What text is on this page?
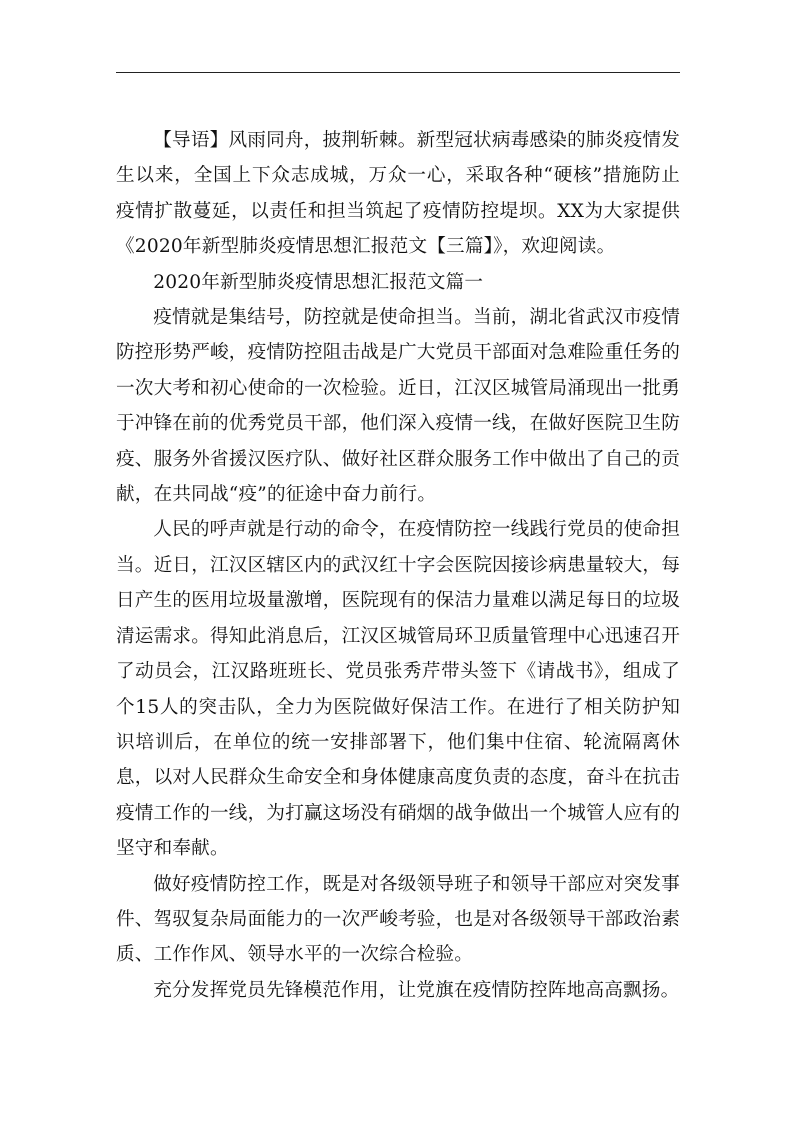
【导语】风雨同舟，披荆斩棘。新型冠状病毒感染的肺炎疫情发生以来，全国上下众志成城，万众一心，采取各种“硬核”措施防止疫情扩散蔓延，以责任和担当筑起了疫情防控堤坝。XX为大家提供《2020年新型肺炎疫情思想汇报范文【三篇】》，欢迎阅读。

2020年新型肺炎疫情思想汇报范文篇一

疫情就是集结号，防控就是使命担当。当前，湖北省武汉市疫情防控形势严峻，疫情防控阻击战是广大党员干部面对急难险重任务的一次大考和初心使命的一次检验。近日，江汉区城管局涌现出一批勇于冲锋在前的优秀党员干部，他们深入疫情一线，在做好医院卫生防疫、服务外省援汉医疗队、做好社区群众服务工作中做出了自己的贡献，在共同战“疫”的征途中奋力前行。

人民的呼声就是行动的命令，在疫情防控一线践行党员的使命担当。近日，江汉区辖区内的武汉红十字会医院因接诊病患量较大，每日产生的医用垃圾量激增，医院现有的保洁力量难以满足每日的垃圾清运需求。得知此消息后，江汉区城管局环卫质量管理中心迅速召开了动员会，江汉路班班长、党员张秀芹带头签下《请战书》，组成了个15人的突击队，全力为医院做好保洁工作。在进行了相关防护知识培训后，在单位的统一安排部署下，他们集中住宿、轮流隔离休息，以对人民群众生命安全和身体健康高度负责的态度，奋斗在抗击疫情工作的一线，为打赢这场没有硝烟的战争做出一个城管人应有的坚守和奉献。

做好疫情防控工作，既是对各级领导班子和领导干部应对突发事件、驾驭复杂局面能力的一次严峻考验，也是对各级领导干部政治素质、工作作风、领导水平的一次综合检验。

充分发挥党员先锋模范作用，让党旗在疫情防控阵地高高飘扬。
